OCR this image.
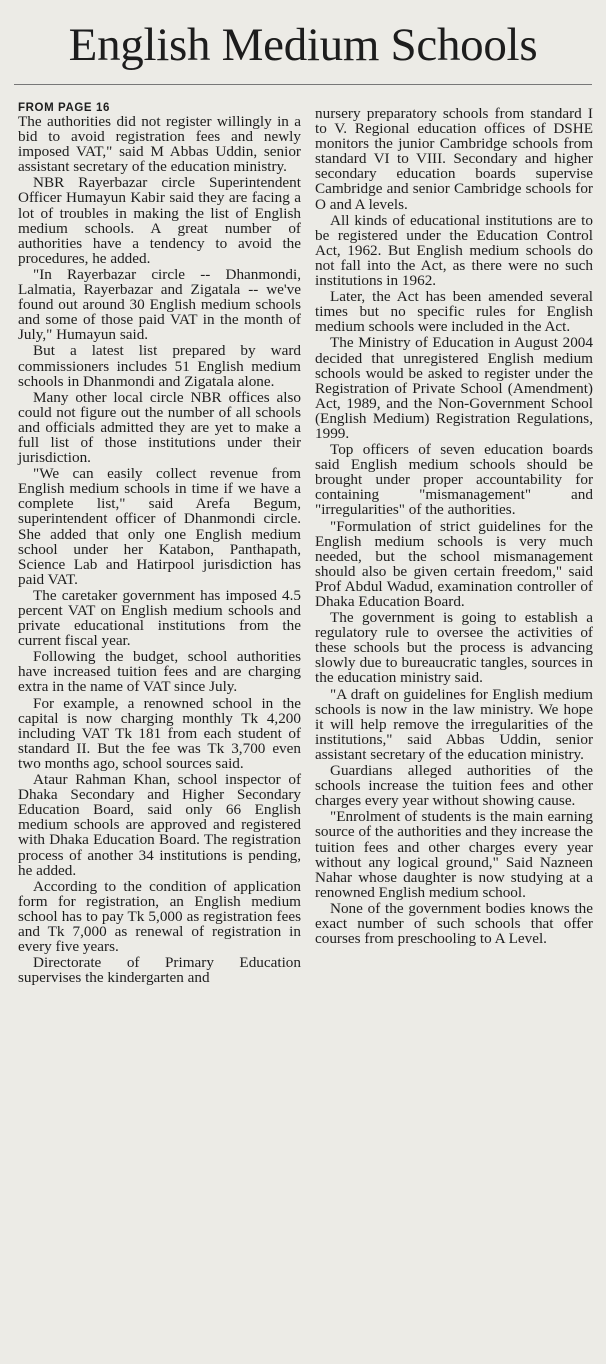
English Medium Schools
FROM PAGE 16

The authorities did not register willingly in a bid to avoid registration fees and newly imposed VAT," said M Abbas Uddin, senior assistant secretary of the education ministry.

NBR Rayerbazar circle Superintendent Officer Humayun Kabir said they are facing a lot of troubles in making the list of English medium schools. A great number of authorities have a tendency to avoid the procedures, he added.

"In Rayerbazar circle -- Dhanmondi, Lalmatia, Rayerbazar and Zigatala -- we've found out around 30 English medium schools and some of those paid VAT in the month of July," Humayun said.

But a latest list prepared by ward commissioners includes 51 English medium schools in Dhanmondi and Zigatala alone.

Many other local circle NBR offices also could not figure out the number of all schools and officials admitted they are yet to make a full list of those institutions under their jurisdiction.

"We can easily collect revenue from English medium schools in time if we have a complete list," said Arefa Begum, superintendent officer of Dhanmondi circle. She added that only one English medium school under her Katabon, Panthapath, Science Lab and Hatirpool jurisdiction has paid VAT.

The caretaker government has imposed 4.5 percent VAT on English medium schools and private educational institutions from the current fiscal year.

Following the budget, school authorities have increased tuition fees and are charging extra in the name of VAT since July.

For example, a renowned school in the capital is now charging monthly Tk 4,200 including VAT Tk 181 from each student of standard II. But the fee was Tk 3,700 even two months ago, school sources said.

Ataur Rahman Khan, school inspector of Dhaka Secondary and Higher Secondary Education Board, said only 66 English medium schools are approved and registered with Dhaka Education Board. The registration process of another 34 institutions is pending, he added.

According to the condition of application form for registration, an English medium school has to pay Tk 5,000 as registration fees and Tk 7,000 as renewal of registration in every five years.

Directorate of Primary Education supervises the kindergarten and

nursery preparatory schools from standard I to V. Regional education offices of DSHE monitors the junior Cambridge schools from standard VI to VIII. Secondary and higher secondary education boards supervise Cambridge and senior Cambridge schools for O and A levels.

All kinds of educational institutions are to be registered under the Education Control Act, 1962. But English medium schools do not fall into the Act, as there were no such institutions in 1962.

Later, the Act has been amended several times but no specific rules for English medium schools were included in the Act.

The Ministry of Education in August 2004 decided that unregistered English medium schools would be asked to register under the Registration of Private School (Amendment) Act, 1989, and the Non-Government School (English Medium) Registration Regulations, 1999.

Top officers of seven education boards said English medium schools should be brought under proper accountability for containing "mismanagement" and "irregularities" of the authorities.

"Formulation of strict guidelines for the English medium schools is very much needed, but the school mismanagement should also be given certain freedom," said Prof Abdul Wadud, examination controller of Dhaka Education Board.

The government is going to establish a regulatory rule to oversee the activities of these schools but the process is advancing slowly due to bureaucratic tangles, sources in the education ministry said.

"A draft on guidelines for English medium schools is now in the law ministry. We hope it will help remove the irregularities of the institutions," said Abbas Uddin, senior assistant secretary of the education ministry.

Guardians alleged authorities of the schools increase the tuition fees and other charges every year without showing cause.

"Enrolment of students is the main earning source of the authorities and they increase the tuition fees and other charges every year without any logical ground," Said Nazneen Nahar whose daughter is now studying at a renowned English medium school.

None of the government bodies knows the exact number of such schools that offer courses from preschooling to A Level.
